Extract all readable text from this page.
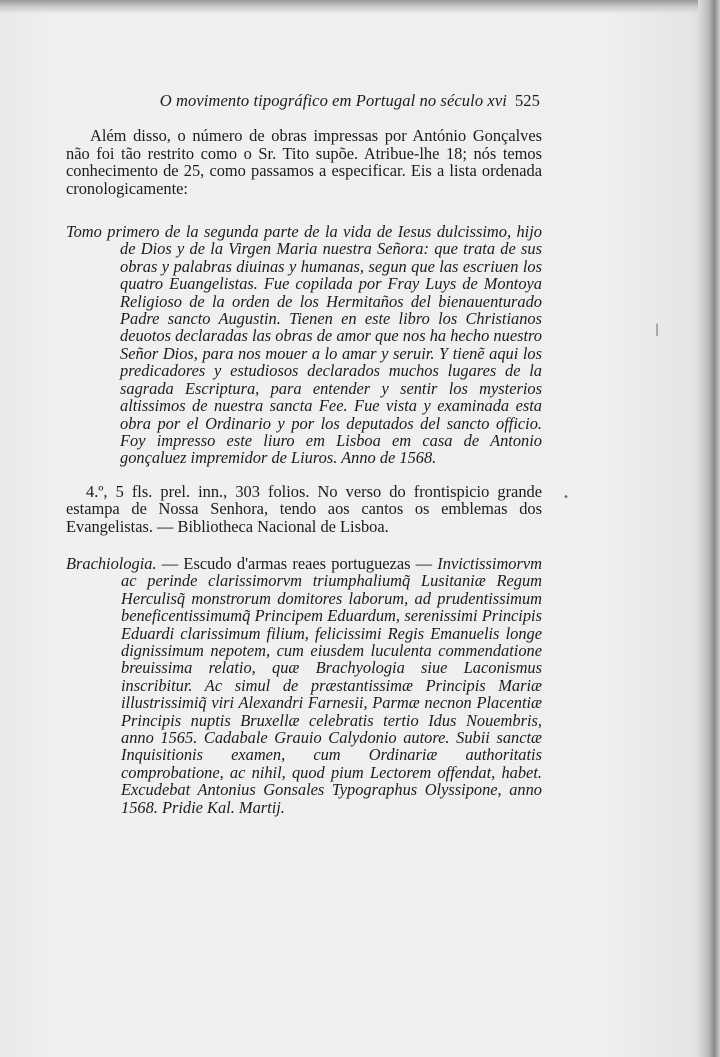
O movimento tipográfico em Portugal no século xvi 525

Além disso, o número de obras impressas por António Gonçalves não foi tão restrito como o Sr. Tito supõe. Atribue-lhe 18; nós temos conhecimento de 25, como passamos a especificar. Eis a lista ordenada cronologicamente:

Tomo primero de la segunda parte de la vida de Iesus dulcissimo, hijo de Dios y de la Virgen Maria nuestra Señora: que trata de sus obras y palabras diuinas y humanas, segun que las escriuen los quatro Euangelistas. Fue copilada por Fray Luys de Montoya Religioso de la orden de los Hermitaños del bienauenturado Padre sancto Augustin. Tienen en este libro los Christianos deuotos declaradas las obras de amor que nos ha hecho nuestro Señor Dios, para nos mouer a lo amar y seruir. Y tienẽ aqui los predicadores y estudiosos declarados muchos lugares de la sagrada Escriptura, para entender y sentir los mysterios altissimos de nuestra sancta Fee. Fue vista y examinada esta obra por el Ordinario y por los deputados del sancto officio. Foy impresso este liuro em Lisboa em casa de Antonio gonçaluez impremidor de Liuros. Anno de 1568.

4.º, 5 fls. prel. inn., 303 folios. No verso do frontispicio grande estampa de Nossa Senhora, tendo aos cantos os emblemas dos Evangelistas. — Bibliotheca Nacional de Lisboa.

Brachiologia. — Escudo d'armas reaes portuguezas — Invictissimorvm ac perinde clarissimorvm triumphaliumq̃ Lusitaniæ Regum Herculisq̃ monstrorum domitores laborum, ad prudentissimum beneficentissimumq̃ Principem Eduardum, serenissimi Principis Eduardi clarissimum filium, felicissimi Regis Emanuelis longe dignissimum nepotem, cum eiusdem luculenta commendatione breuissima relatio, quæ Brachyologia siue Laconismus inscribitur. Ac simul de præstantissimæ Principis Mariæ illustrissimiq̃ viri Alexandri Farnesii, Parmæ necnon Placentiæ Principis nuptis Bruxellæ celebratis tertio Idus Nouembris, anno 1565. Cadabale Grauio Calydonio autore. Subii sanctæ Inquisitionis examen, cum Ordinariæ authoritatis comprobatione, ac nihil, quod pium Lectorem offendat, habet. Excudebat Antonius Gonsales Typographus Olyssipone, anno 1568. Pridie Kal. Martij.
|
•
